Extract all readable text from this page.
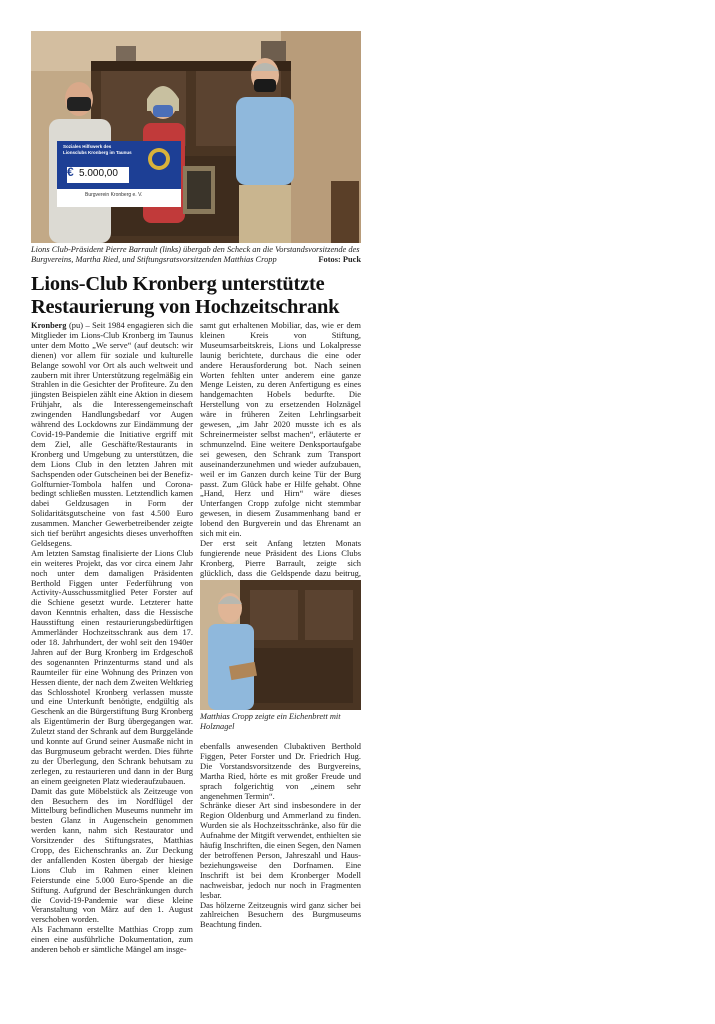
Soziales Hilfswerk des
Lionsclubs Kronberg im Taunus
€ 5.000,00
Burgverein Kronberg e. V.
Lions Club-Präsident Pierre Barrault (links) übergab den Scheck an die Vorstandsvorsitzende des Burgvereins, Martha Ried, und Stiftungsratsvorsitzenden Matthias Cropp	Fotos: Puck
Lions-Club Kronberg unterstützte
Restaurierung von Hochzeitschrank

Kronberg (pu) – Seit 1984 engagieren sich die Mitglieder im Lions-Club Kronberg im Taunus unter dem Motto „We serve“ (auf deutsch: wir dienen) vor allem für soziale und kulturelle Belange sowohl vor Ort als auch weltweit und zaubern mit ihrer Unterstützung regelmäßig ein Strahlen in die Gesichter der Profiteure. Zu den jüngsten Beispielen zählt eine Aktion in diesem Frühjahr, als die Interessengemeinschaft zwingenden Handlungsbedarf vor Augen während des Lockdowns zur Eindämmung der Covid-19-Pandemie die Initiative ergriff mit dem Ziel, alle Geschäfte/Restaurants in Kronberg und Umgebung zu unterstützen, die dem Lions Club in den letzten Jahren mit Sachspenden oder Gutscheinen bei der Benefiz-Golfturnier-Tombola halfen und Corona-bedingt schließen mussten. Letztendlich kamen dabei Geldzusagen in Form der Solidaritätsgutscheine von fast 4.500 Euro zusammen. Mancher Gewerbetreibender zeigte sich tief berührt angesichts dieses unverhofften Geldsegens.

Am letzten Samstag finalisierte der Lions Club ein weiteres Projekt, das vor circa einem Jahr noch unter dem damaligen Präsidenten Berthold Figgen unter Federführung von Activity-Ausschussmitglied Peter Forster auf die Schiene gesetzt wurde. Letzterer hatte davon Kenntnis erhalten, dass die Hessische Hausstiftung einen restaurierungsbedürftigen Ammerländer Hochzeitsschrank aus dem 17. oder 18. Jahrhundert, der wohl seit den 1940er Jahren auf der Burg Kronberg im Erdgeschoß des sogenannten Prinzenturms stand und als Raumteiler für eine Wohnung des Prinzen von Hessen diente, der nach dem Zweiten Weltkrieg das Schlosshotel Kronberg verlassen musste und eine Unterkunft benötigte, endgültig als Geschenk an die Bürgerstiftung Burg Kronberg als Eigentümerin der Burg übergegangen war. Zuletzt stand der Schrank auf dem Burggelände und konnte auf Grund seiner Ausmaße nicht in das Burgmuseum gebracht werden. Dies führte zu der Überlegung, den Schrank behutsam zu zerlegen, zu restaurieren und dann in der Burg an einem geeigneten Platz wiederaufzubauen.

Damit das gute Möbelstück als Zeitzeuge von den Besuchern des im Nordflügel der Mittelburg befindlichen Museums nunmehr im besten Glanz in Augenschein genommen werden kann, nahm sich Restaurator und Vorsitzender des Stiftungsrates, Matthias Cropp, des Eichenschranks an. Zur Deckung der anfallenden Kosten übergab der hiesige Lions Club im Rahmen einer kleinen Feierstunde eine 5.000 Euro-Spende an die Stiftung. Aufgrund der Beschränkungen durch die Covid-19-Pandemie war diese kleine Veranstaltung von März auf den 1. August verschoben worden.

Als Fachmann erstellte Matthias Cropp zum einen eine ausführliche Dokumentation, zum anderen behob er sämtliche Mängel am insge-

samt gut erhaltenen Mobiliar, das, wie er dem kleinen Kreis von Stiftung, Museumsarbeitskreis, Lions und Lokalpresse launig berichtete, durchaus die eine oder andere Herausforderung bot. Nach seinen Worten fehlten unter anderem eine ganze Menge Leisten, zu deren Anfertigung es eines handgemachten Hobels bedurfte. Die Herstellung von zu ersetzenden Holznägel wäre in früheren Zeiten Lehrlingsarbeit gewesen, „im Jahr 2020 musste ich es als Schreinermeister selbst machen“, erläuterte er schmunzelnd. Eine weitere Denksportaufgabe sei gewesen, den Schrank zum Transport auseinanderzunehmen und wieder aufzubauen, weil er im Ganzen durch keine Tür der Burg passt. Zum Glück habe er Hilfe gehabt. Ohne „Hand, Herz und Hirn“ wäre dieses Unterfangen Cropp zufolge nicht stemmbar gewesen, in diesem Zusammenhang band er lobend den Burgverein und das Ehrenamt an sich mit ein.

Der erst seit Anfang letzten Monats fungierende neue Präsident des Lions Clubs Kronberg, Pierre Barrault, zeigte sich glücklich, dass die Geldspende dazu beitrug,

Matthias Cropp zeigte ein Eichenbrett mit Holznagel

ebenfalls anwesenden Clubaktiven Berthold Figgen, Peter Forster und Dr. Friedrich Hug. Die Vorstandsvorsitzende des Burgvereins, Martha Ried, hörte es mit großer Freude und sprach folgerichtig von „einem sehr angenehmen Termin“.

Schränke dieser Art sind insbesondere in der Region Oldenburg und Ammerland zu finden. Wurden sie als Hochzeitsschränke, also für die Aufnahme der Mitgift verwendet, enthielten sie häufig Inschriften, die einen Segen, den Namen der betroffenen Person, Jahreszahl und Haus- beziehungsweise den Dorfnamen. Eine Inschrift ist bei dem Kronberger Modell nachweisbar, jedoch nur noch in Fragmenten lesbar.

Das hölzerne Zeitzeugnis wird ganz sicher bei zahlreichen Besuchern des Burgmuseums Beachtung finden.
